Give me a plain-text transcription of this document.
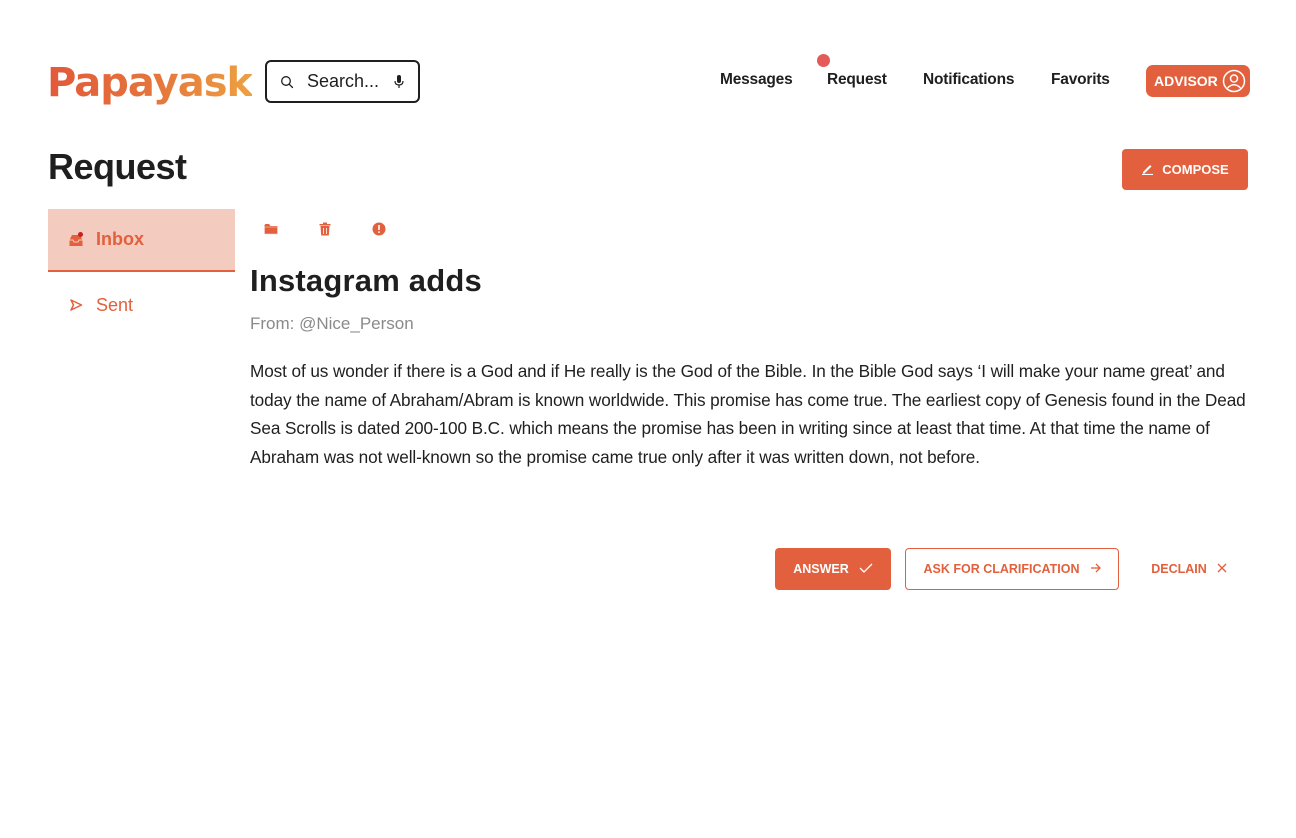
Papayask
Search...	Messages Request Notifications Favorits	ADVISOR
Request	COMPOSE
Inbox
Sent
Instagram adds
From: @Nice_Person

Most of us wonder if there is a God and if He really is the God of the Bible. In the Bible God says ‘I will make your name great’ and today the name of Abraham/Abram is known worldwide. This promise has come true. The earliest copy of Genesis found in the Dead Sea Scrolls is dated 200-100 B.C. which means the promise has been in writing since at least that time. At that time the name of Abraham was not well-known so the promise came true only after it was written down, not before.

ANSWER	ASK FOR CLARIFICATION	DECLAIN
